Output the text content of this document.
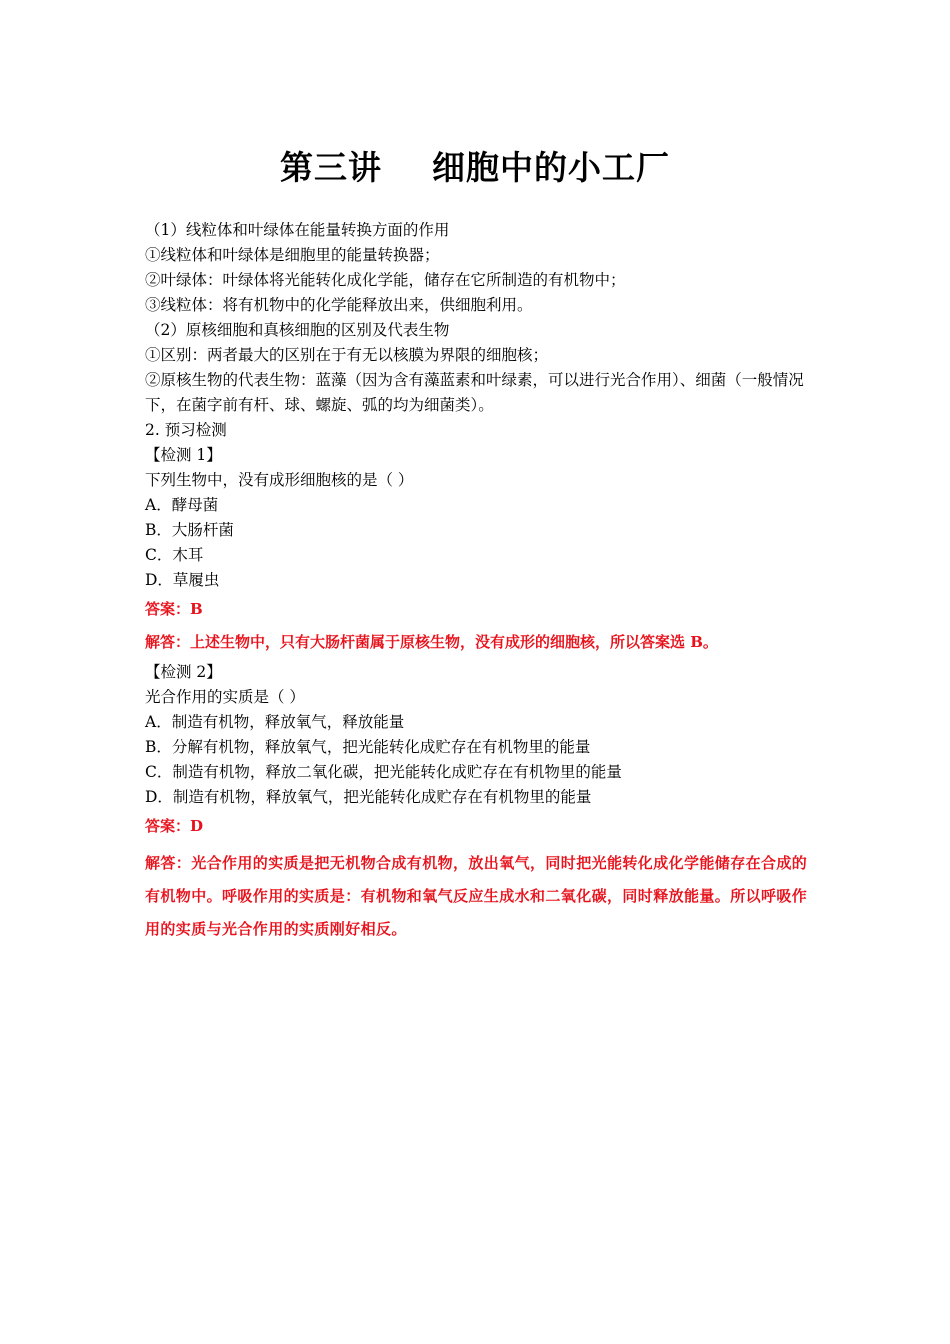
第三讲    细胞中的小工厂
（1）线粒体和叶绿体在能量转换方面的作用
①线粒体和叶绿体是细胞里的能量转换器；
②叶绿体：叶绿体将光能转化成化学能，储存在它所制造的有机物中；
③线粒体：将有机物中的化学能释放出来，供细胞利用。
（2）原核细胞和真核细胞的区别及代表生物
①区别：两者最大的区别在于有无以核膜为界限的细胞核；
②原核生物的代表生物：蓝藻（因为含有藻蓝素和叶绿素，可以进行光合作用）、细菌（一般情况下，在菌字前有杆、球、螺旋、弧的均为细菌类）。
2. 预习检测
【检测 1】
下列生物中，没有成形细胞核的是（ ）
A．酵母菌
B．大肠杆菌
C．木耳
D．草履虫
答案：B
解答：上述生物中，只有大肠杆菌属于原核生物，没有成形的细胞核，所以答案选 B。
【检测 2】
光合作用的实质是（ ）
A．制造有机物，释放氧气，释放能量
B．分解有机物，释放氧气，把光能转化成贮存在有机物里的能量
C．制造有机物，释放二氧化碳，把光能转化成贮存在有机物里的能量
D．制造有机物，释放氧气，把光能转化成贮存在有机物里的能量
答案：D
解答：光合作用的实质是把无机物合成有机物，放出氧气，同时把光能转化成化学能储存在合成的有机物中。呼吸作用的实质是：有机物和氧气反应生成水和二氧化碳，同时释放能量。所以呼吸作用的实质与光合作用的实质刚好相反。
